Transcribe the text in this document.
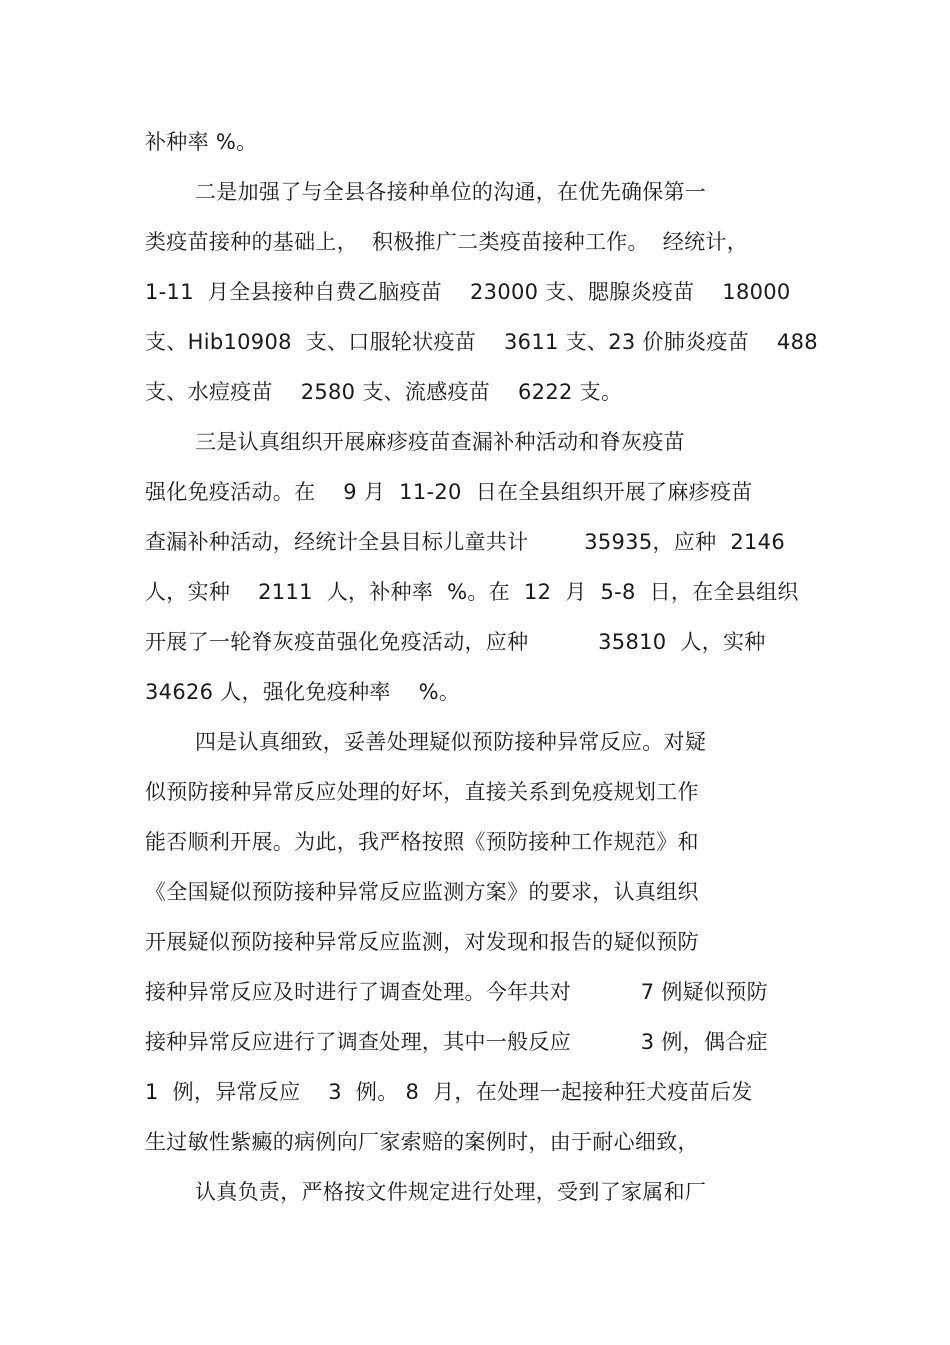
补种率 %。
二是加强了与全县各接种单位的沟通，在优先确保第一
类疫苗接种的基础上，  积极推广二类疫苗接种工作。  经统计，
1-11  月全县接种自费乙脑疫苗    23000 支、腮腺炎疫苗    18000
支、Hib10908  支、口服轮状疫苗    3611 支、23 价肺炎疫苗    488
支、水痘疫苗    2580 支、流感疫苗    6222 支。
三是认真组织开展麻疹疫苗查漏补种活动和脊灰疫苗
强化免疫活动。在    9 月  11-20  日在全县组织开展了麻疹疫苗
查漏补种活动，经统计全县目标儿童共计        35935，应种  2146
人，实种    2111  人，补种率  %。在  12  月  5-8  日，在全县组织
开展了一轮脊灰疫苗强化免疫活动，应种          35810  人，实种
34626 人，强化免疫种率    %。
四是认真细致，妥善处理疑似预防接种异常反应。对疑
似预防接种异常反应处理的好坏，直接关系到免疫规划工作
能否顺利开展。为此，我严格按照《预防接种工作规范》和
《全国疑似预防接种异常反应监测方案》的要求，认真组织
开展疑似预防接种异常反应监测，对发现和报告的疑似预防
接种异常反应及时进行了调查处理。今年共对          7 例疑似预防
接种异常反应进行了调查处理，其中一般反应          3 例，偶合症
1  例，异常反应    3  例。 8  月，在处理一起接种狂犬疫苗后发
生过敏性紫癜的病例向厂家索赔的案例时，由于耐心细致，
认真负责，严格按文件规定进行处理，受到了家属和厂
